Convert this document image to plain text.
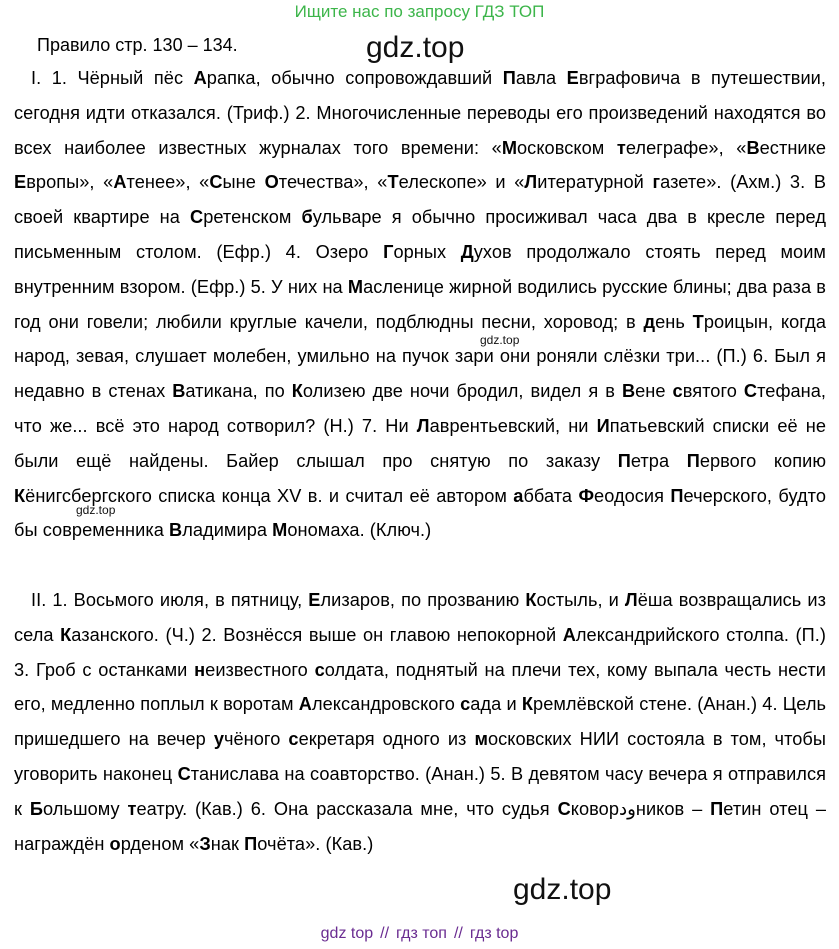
Ищите нас по запросу ГДЗ ТОП
Правило стр. 130 – 134.

I. 1. Чёрный пёс Арапка, обычно сопровождавший Павла Евграфовича в путешествии, сегодня идти отказался. (Триф.) 2. Многочисленные переводы его произведений находятся во всех наиболее известных журналах того времени: «Московском телеграфе», «Вестнике Европы», «Атенее», «Сыне Отечества», «Телескопе» и «Литературной газете». (Ахм.) 3. В своей квартире на Сретенском бульваре я обычно просиживал часа два в кресле перед письменным столом. (Ефр.) 4. Озеро Горных Духов продолжало стоять перед моим внутренним взором. (Ефр.) 5. У них на Масленице жирной водились русские блины; два раза в год они говели; любили круглые качели, подблюдны песни, хоровод; в день Троицын, когда народ, зевая, слушает молебен, умильно на пучок зари они роняли слёзки три... (П.) 6. Был я недавно в стенах Ватикана, по Колизею две ночи бродил, видел я в Вене святого Стефана, что же... всё это народ сотворил? (Н.) 7. Ни Лаврентьевский, ни Ипатьевский списки её не были ещё найдены. Байер слышал про снятую по заказу Петра Первого копию Кёнигсбергского списка конца XV в. и считал её автором аббата Феодосия Печерского, будто бы современника Владимира Мономаха. (Ключ.)

II. 1. Восьмого июля, в пятницу, Елизаров, по прозванию Костыль, и Лёша возвращались из села Казанского. (Ч.) 2. Вознёсся выше он главою непокорной Александрийского столпа. (П.) 3. Гроб с останками неизвестного солдата, поднятый на плечи тех, кому выпала честь нести его, медленно поплыл к воротам Александровского сада и Кремлёвской стене. (Анан.) 4. Цель пришедшего на вечер учёного секретаря одного из московских НИИ состояла в том, чтобы уговорить наконец Станислава на соавторство. (Анан.) 5. В девятом часу вечера я отправился к Большому театру. (Кав.) 6. Она рассказала мне, что судья Сковорودников – Петин отец – награждён орденом «Знак Почёта». (Кав.)

gdz.top
gdz.top
gdz.top
gdz.top
gdz top // гдз топ // гдз top
